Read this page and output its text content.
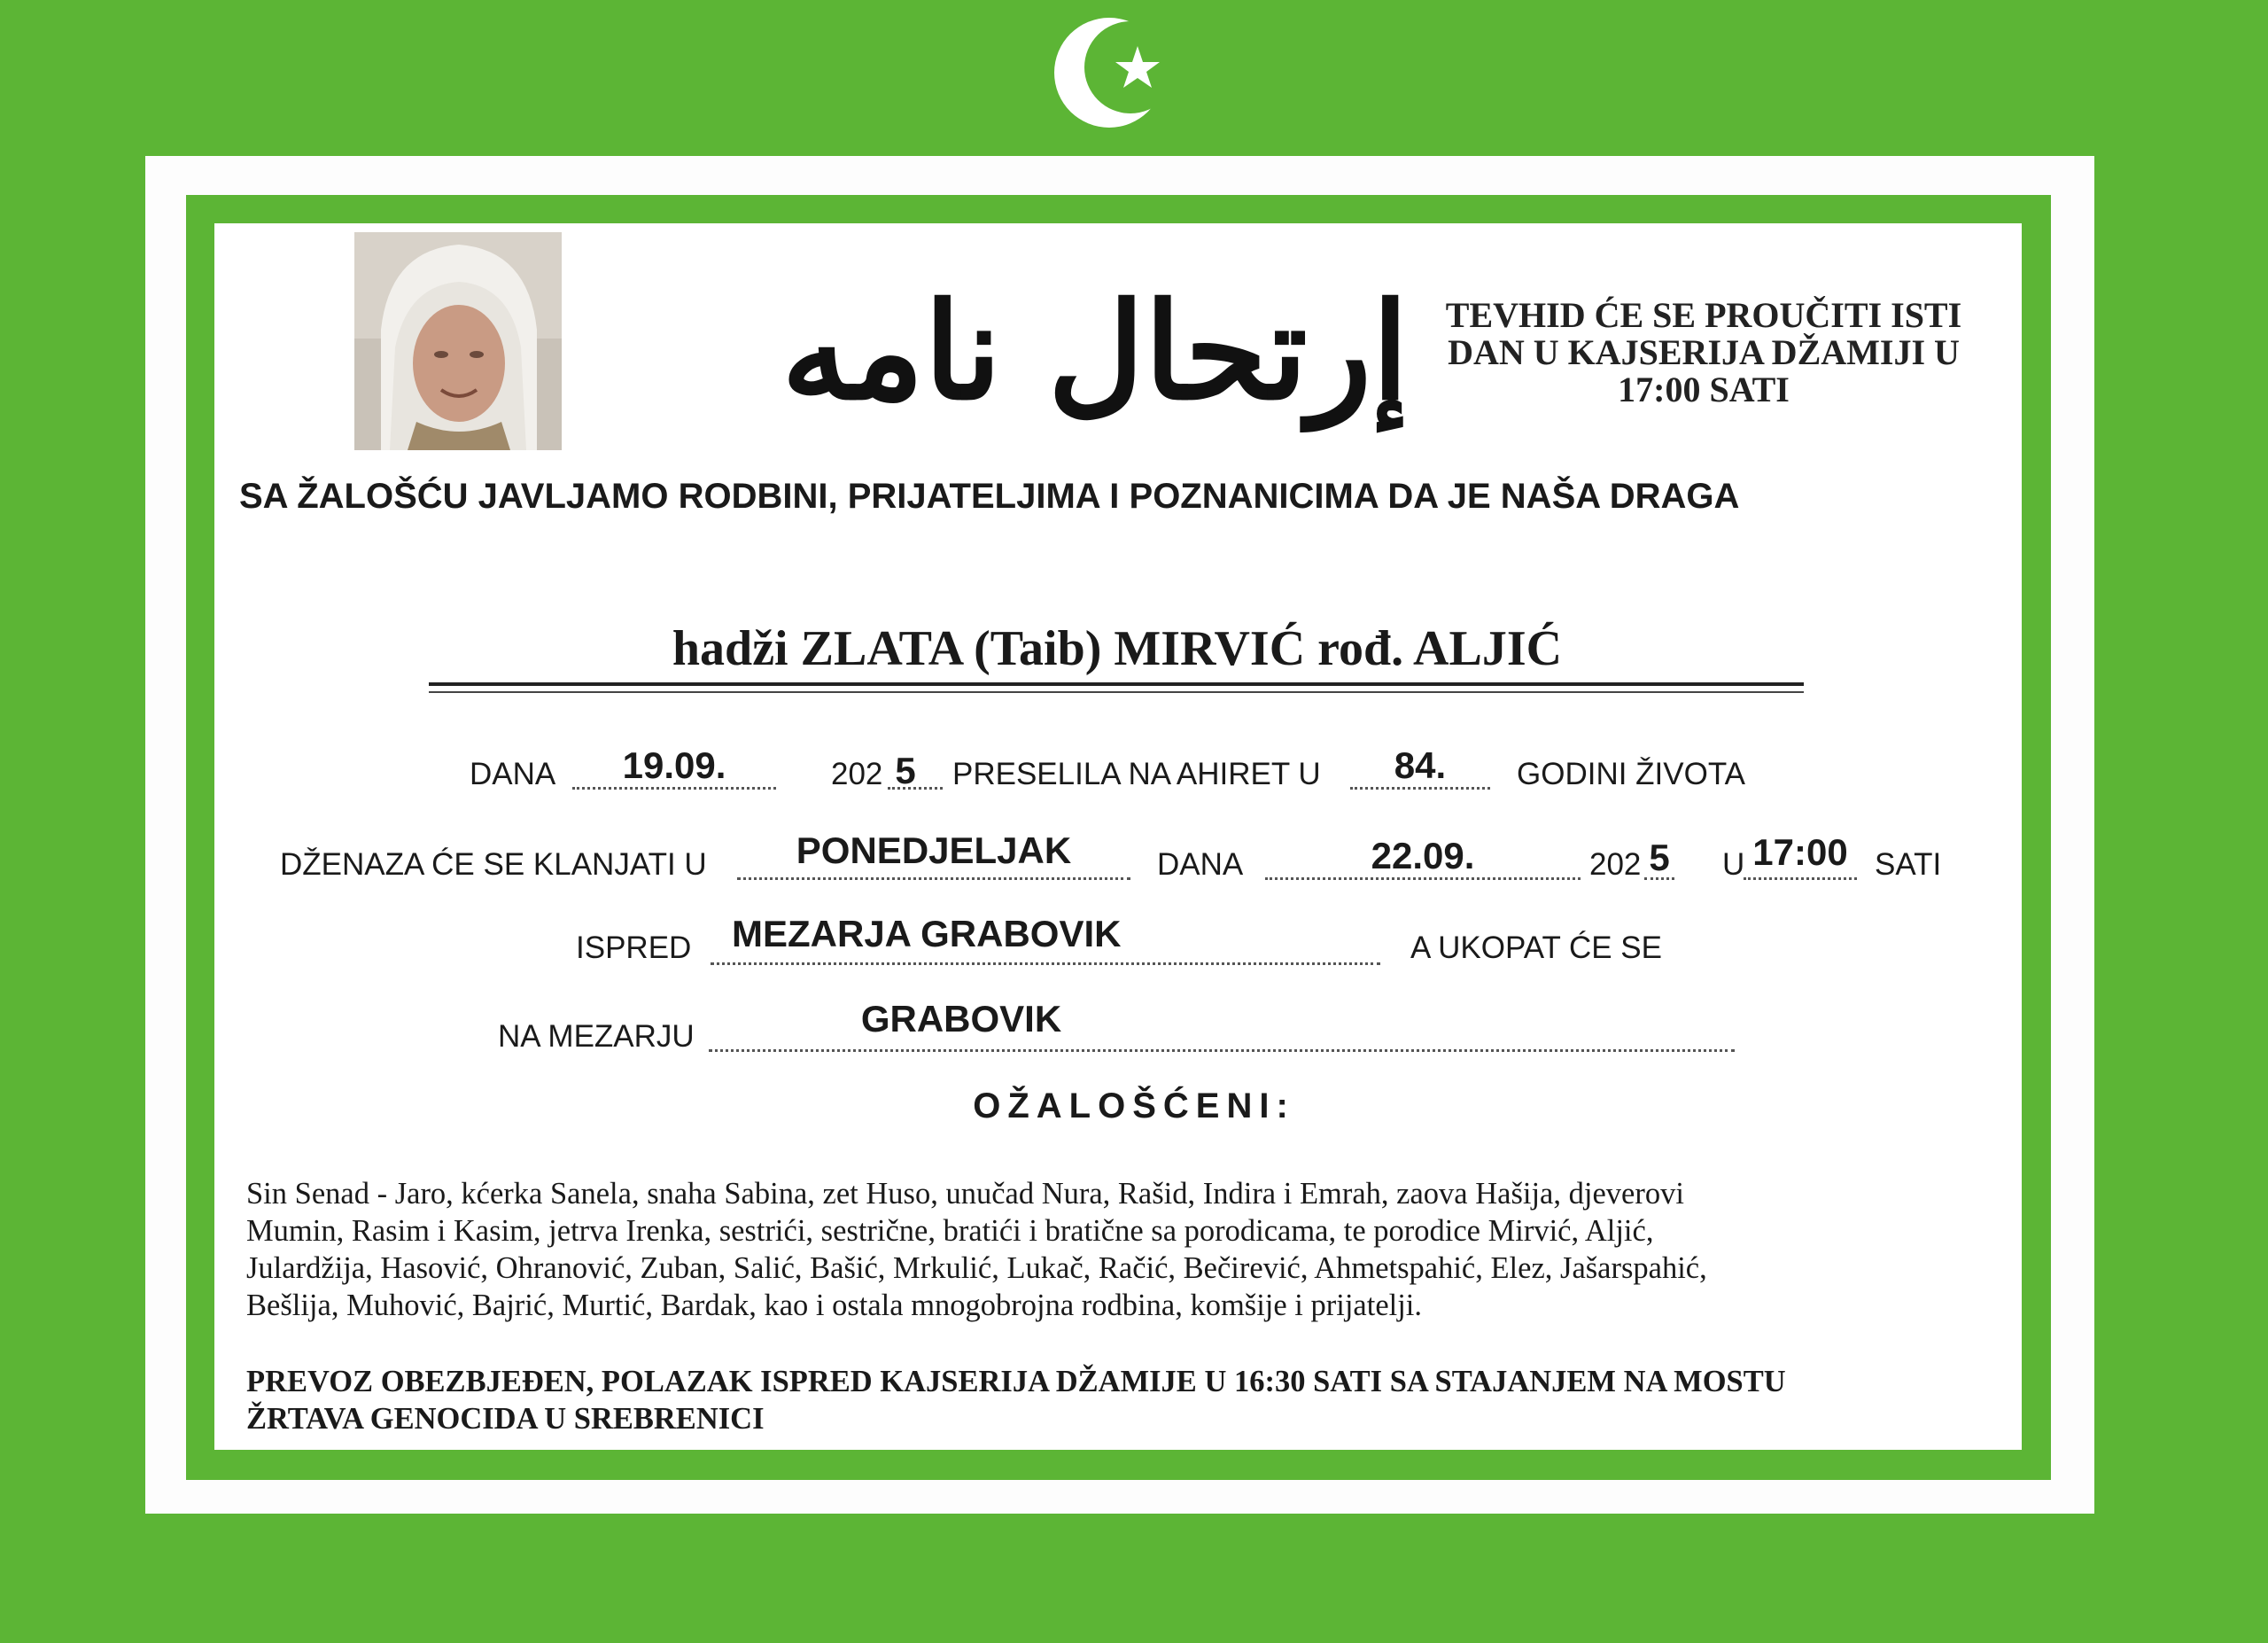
إرتحال نامه	TEVHID ĆE SE PROUČITI ISTI
DAN U KAJSERIJA DŽAMIJI U
17:00 SATI
SA ŽALOŠĆU JAVLJAMO RODBINI, PRIJATELJIMA I POZNANICIMA DA JE NAŠA DRAGA
hadži ZLATA (Taib) MIRVIĆ rođ. ALJIĆ
DANA	19.09.	202 5 PRESELILA NA AHIRET U	84.	GODINI ŽIVOTA
DŽENAZA ĆE SE KLANJATI U	PONEDJELJAK	DANA	22.09.	202 5 U 17:00 SATI
ISPRED MEZARJA GRABOVIK	A UKOPAT ĆE SE
NA MEZARJU	GRABOVIK
OŽALOŠĆENI:
Sin Senad - Jaro, kćerka Sanela, snaha Sabina, zet Huso, unučad Nura, Rašid, Indira i Emrah, zaova Hašija, djeverovi
Mumin, Rasim i Kasim, jetrva Irenka, sestrići, sestrične, bratići i bratične sa porodicama, te porodice Mirvić, Aljić,
Julardžija, Hasović, Ohranović, Zuban, Salić, Bašić, Mrkulić, Lukač, Račić, Bečirević, Ahmetspahić, Elez, Jašarspahić,
Bešlija, Muhović, Bajrić, Murtić, Bardak, kao i ostala mnogobrojna rodbina, komšije i prijatelji.
PREVOZ OBEZBJEĐEN, POLAZAK ISPRED KAJSERIJA DŽAMIJE U 16:30 SATI SA STAJANJEM NA MOSTU
ŽRTAVA GENOCIDA U SREBRENICI
